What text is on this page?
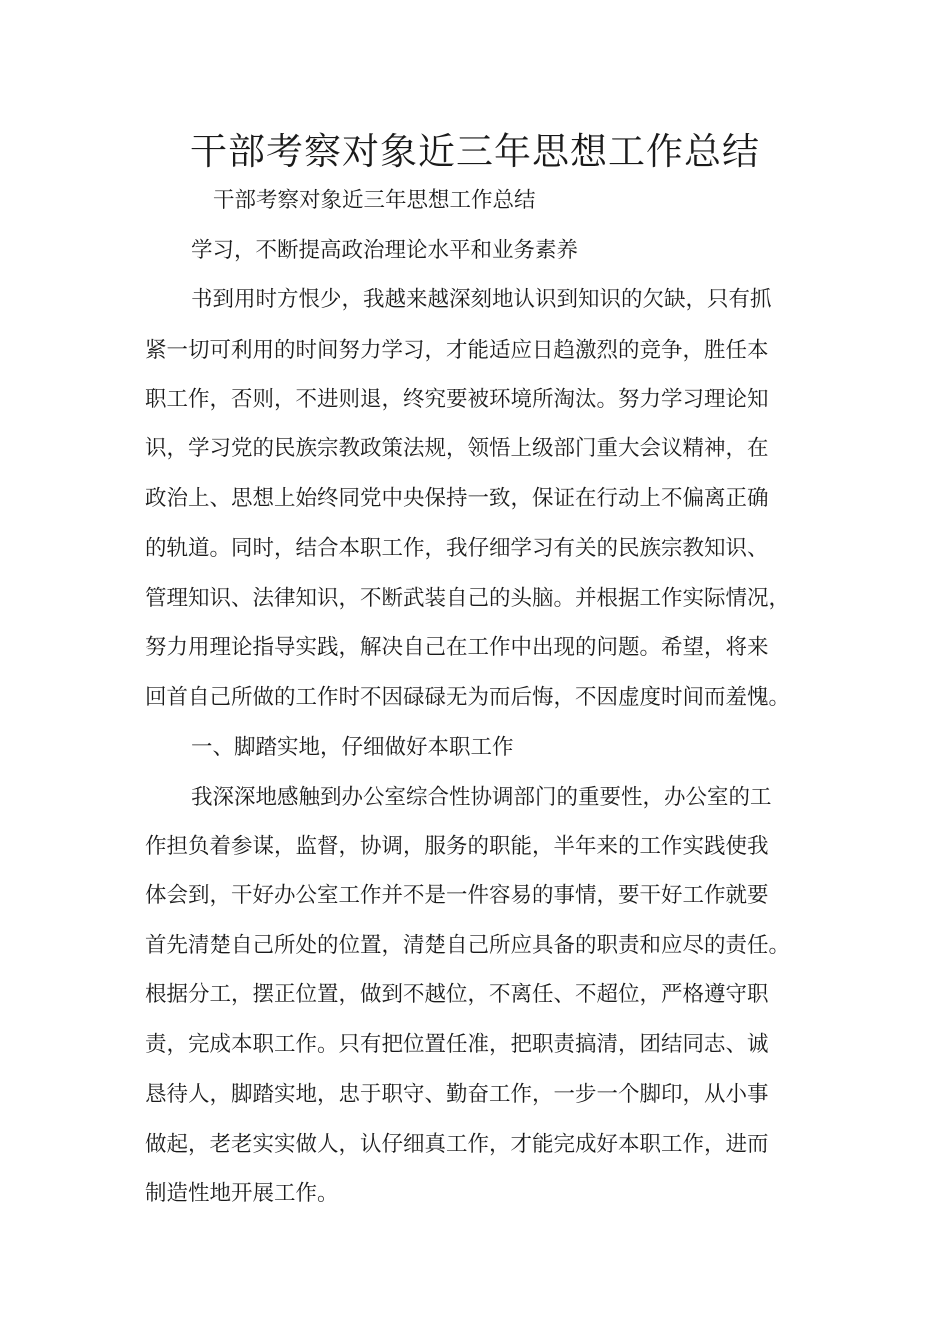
干部考察对象近三年思想工作总结

干部考察对象近三年思想工作总结

学习，不断提高政治理论水平和业务素养

书到用时方恨少，我越来越深刻地认识到知识的欠缺，只有抓

紧一切可利用的时间努力学习，才能适应日趋激烈的竞争，胜任本

职工作，否则，不进则退，终究要被环境所淘汰。努力学习理论知

识，学习党的民族宗教政策法规，领悟上级部门重大会议精神，在

政治上、思想上始终同党中央保持一致，保证在行动上不偏离正确

的轨道。同时，结合本职工作，我仔细学习有关的民族宗教知识、

管理知识、法律知识，不断武装自己的头脑。并根据工作实际情况，

努力用理论指导实践，解决自己在工作中出现的问题。希望，将来

回首自己所做的工作时不因碌碌无为而后悔，不因虚度时间而羞愧。

一、脚踏实地，仔细做好本职工作

我深深地感触到办公室综合性协调部门的重要性，办公室的工

作担负着参谋，监督，协调，服务的职能，半年来的工作实践使我

体会到，干好办公室工作并不是一件容易的事情，要干好工作就要

首先清楚自己所处的位置，清楚自己所应具备的职责和应尽的责任。

根据分工，摆正位置，做到不越位，不离任、不超位，严格遵守职

责，完成本职工作。只有把位置任准，把职责搞清，团结同志、诚

恳待人，脚踏实地，忠于职守、勤奋工作，一步一个脚印，从小事

做起，老老实实做人，认仔细真工作，才能完成好本职工作，进而

制造性地开展工作。
